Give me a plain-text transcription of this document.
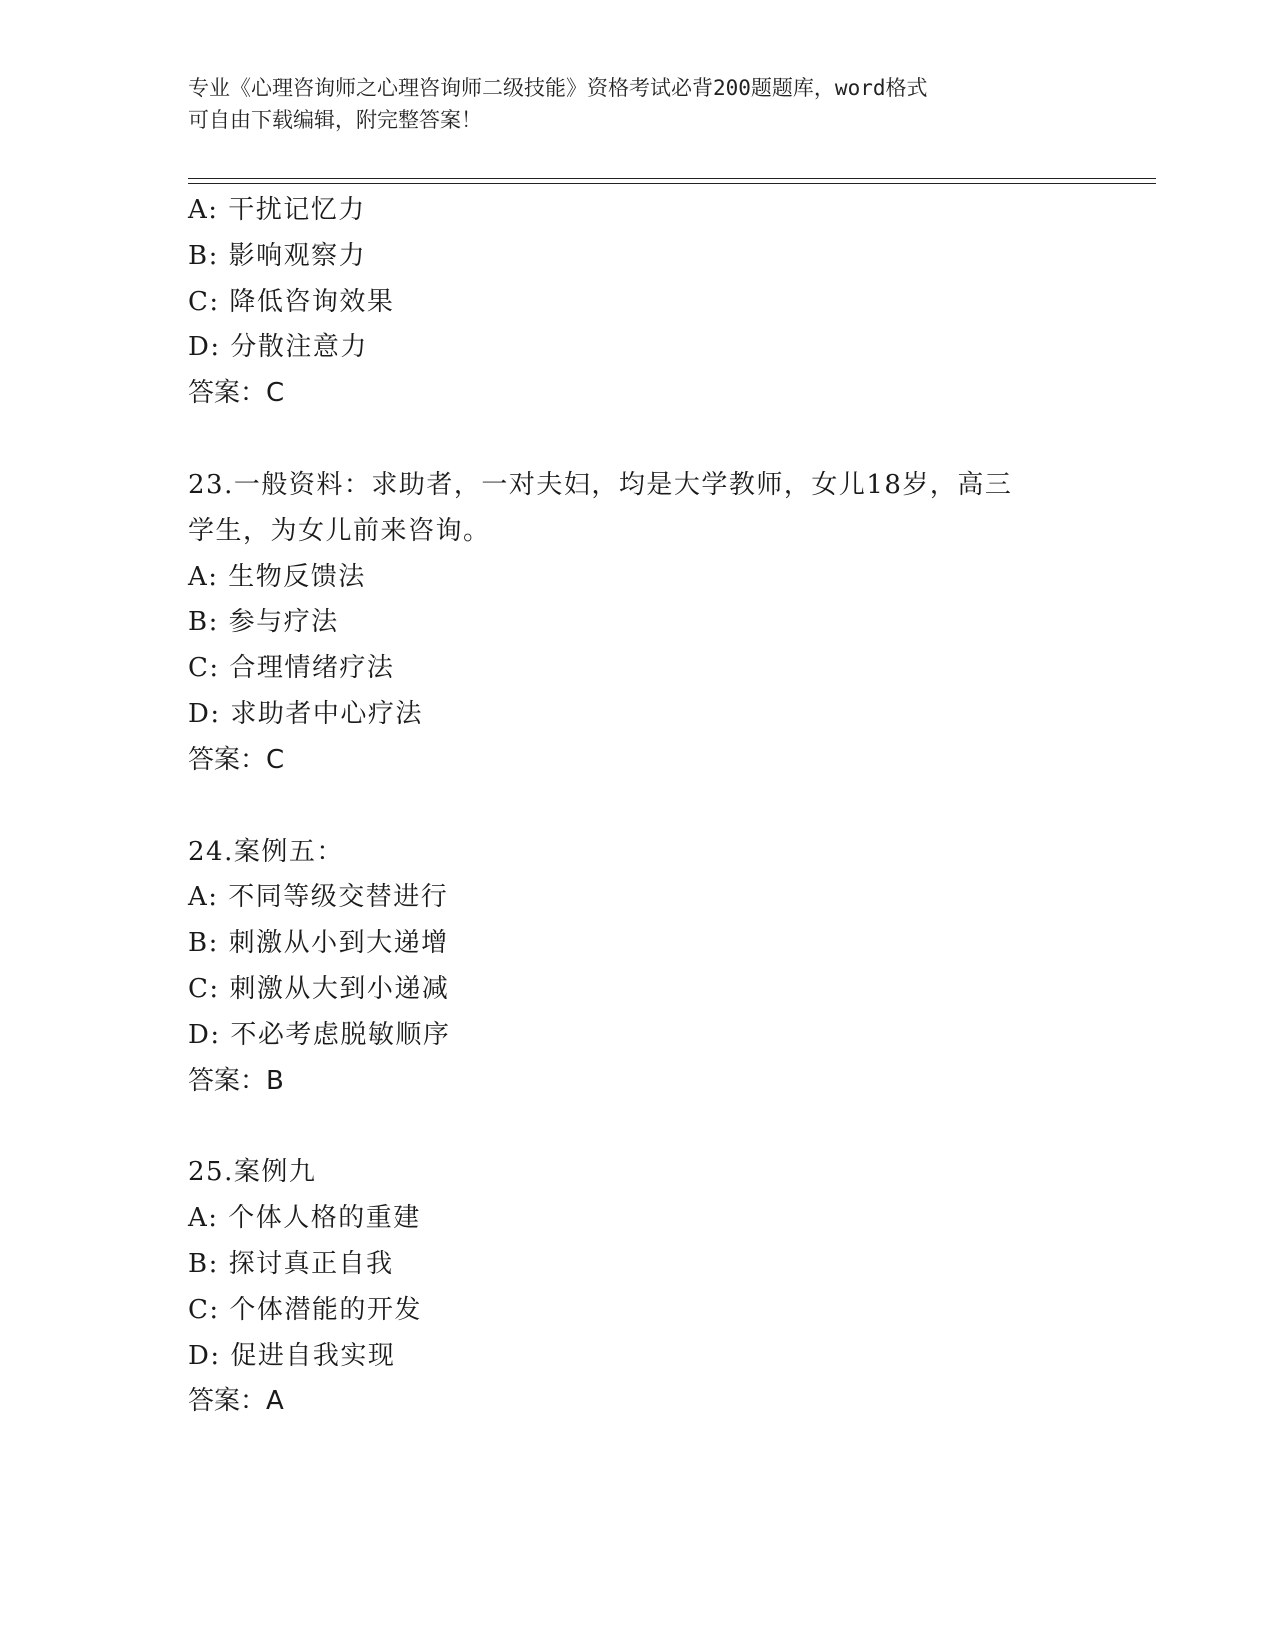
专业《心理咨询师之心理咨询师二级技能》资格考试必背200题题库，word格式
可自由下载编辑，附完整答案！
A: 干扰记忆力
B: 影响观察力
C: 降低咨询效果
D: 分散注意力
答案：C
23.一般资料：求助者，一对夫妇，均是大学教师，女儿18岁，高三
学生，为女儿前来咨询。
A: 生物反馈法
B: 参与疗法
C: 合理情绪疗法
D: 求助者中心疗法
答案：C
24.案例五：
A: 不同等级交替进行
B: 刺激从小到大递增
C: 刺激从大到小递减
D: 不必考虑脱敏顺序
答案：B
25.案例九
A: 个体人格的重建
B: 探讨真正自我
C: 个体潜能的开发
D: 促进自我实现
答案：A
